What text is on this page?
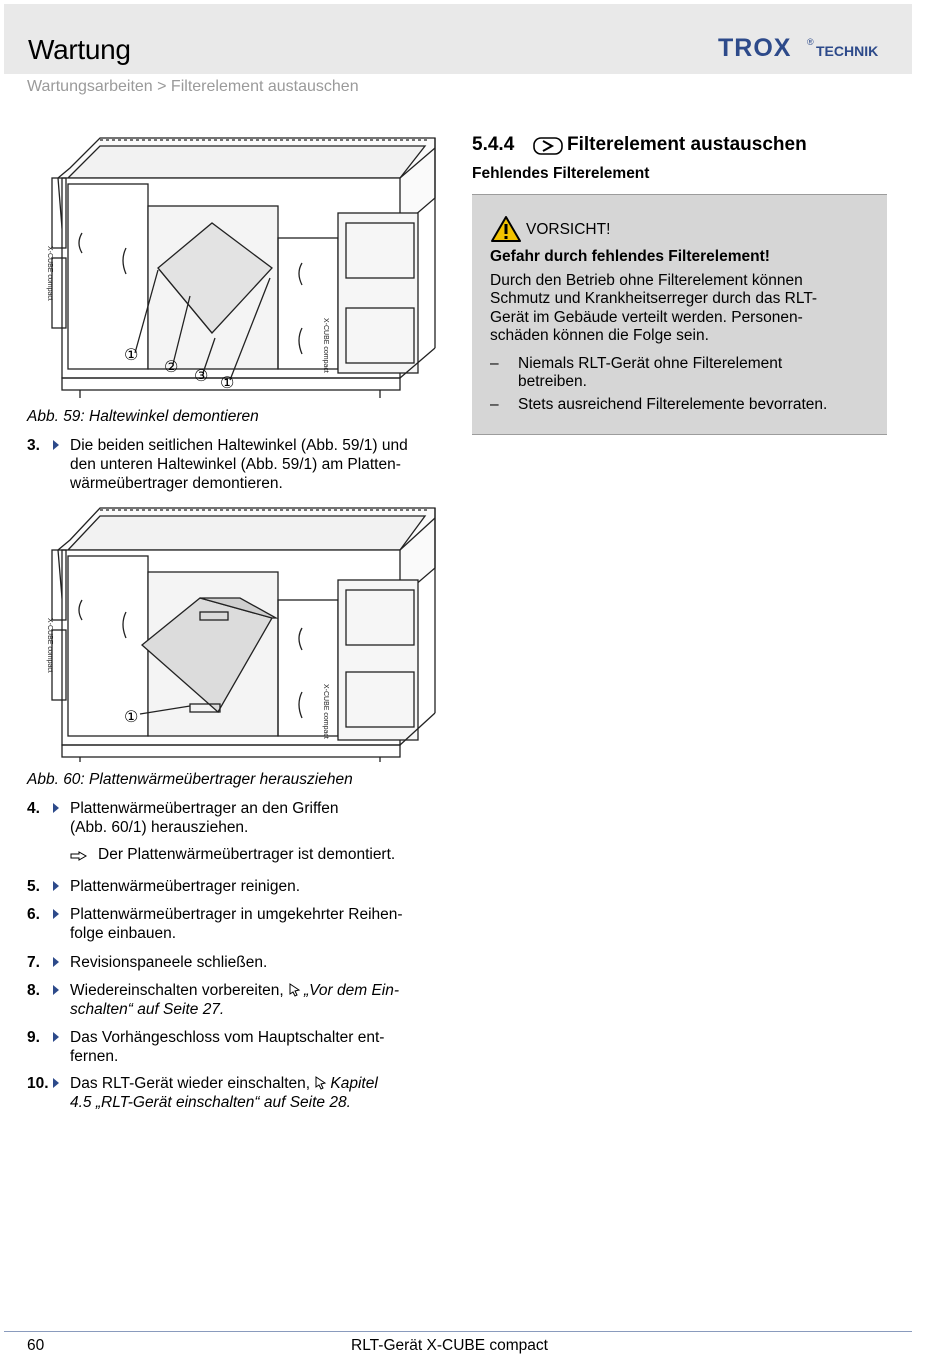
Wartung	TROX ®
TECHNIK
Wartungsarbeiten > Filterelement austauschen
X-CUBE compact
X-CUBE compact
①
② ③ ①
Abb. 59: Haltewinkel demontieren
3. Die beiden seitlichen Haltewinkel (Abb. 59/1) und
den unteren Haltewinkel (Abb. 59/1) am Platten-
wärmeübertrager demontieren.
X-CUBE compact
X-CUBE compact
①
Abb. 60: Plattenwärmeübertrager herausziehen
4. Plattenwärmeübertrager an den Griffen
(Abb. 60/1) herausziehen.
Der Plattenwärmeübertrager ist demontiert.
5. Plattenwärmeübertrager reinigen.
6. Plattenwärmeübertrager in umgekehrter Reihen-
folge einbauen.
7. Revisionspaneele schließen.
8. Wiedereinschalten vorbereiten, „Vor dem Ein-
schalten“ auf Seite 27.
9. Das Vorhängeschloss vom Hauptschalter ent-
fernen.
10. Das RLT-Gerät wieder einschalten, Kapitel
4.5 „RLT-Gerät einschalten“ auf Seite 28.
5.4.4	Filterelement austauschen
Fehlendes Filterelement
VORSICHT!
Gefahr durch fehlendes Filterelement!
Durch den Betrieb ohne Filterelement können
Schmutz und Krankheitserreger durch das RLT-
Gerät im Gebäude verteilt werden. Personen-
schäden können die Folge sein.
– Niemals RLT-Gerät ohne Filterelement
betreiben.
– Stets ausreichend Filterelemente bevorraten.
60	RLT-Gerät X-CUBE compact
